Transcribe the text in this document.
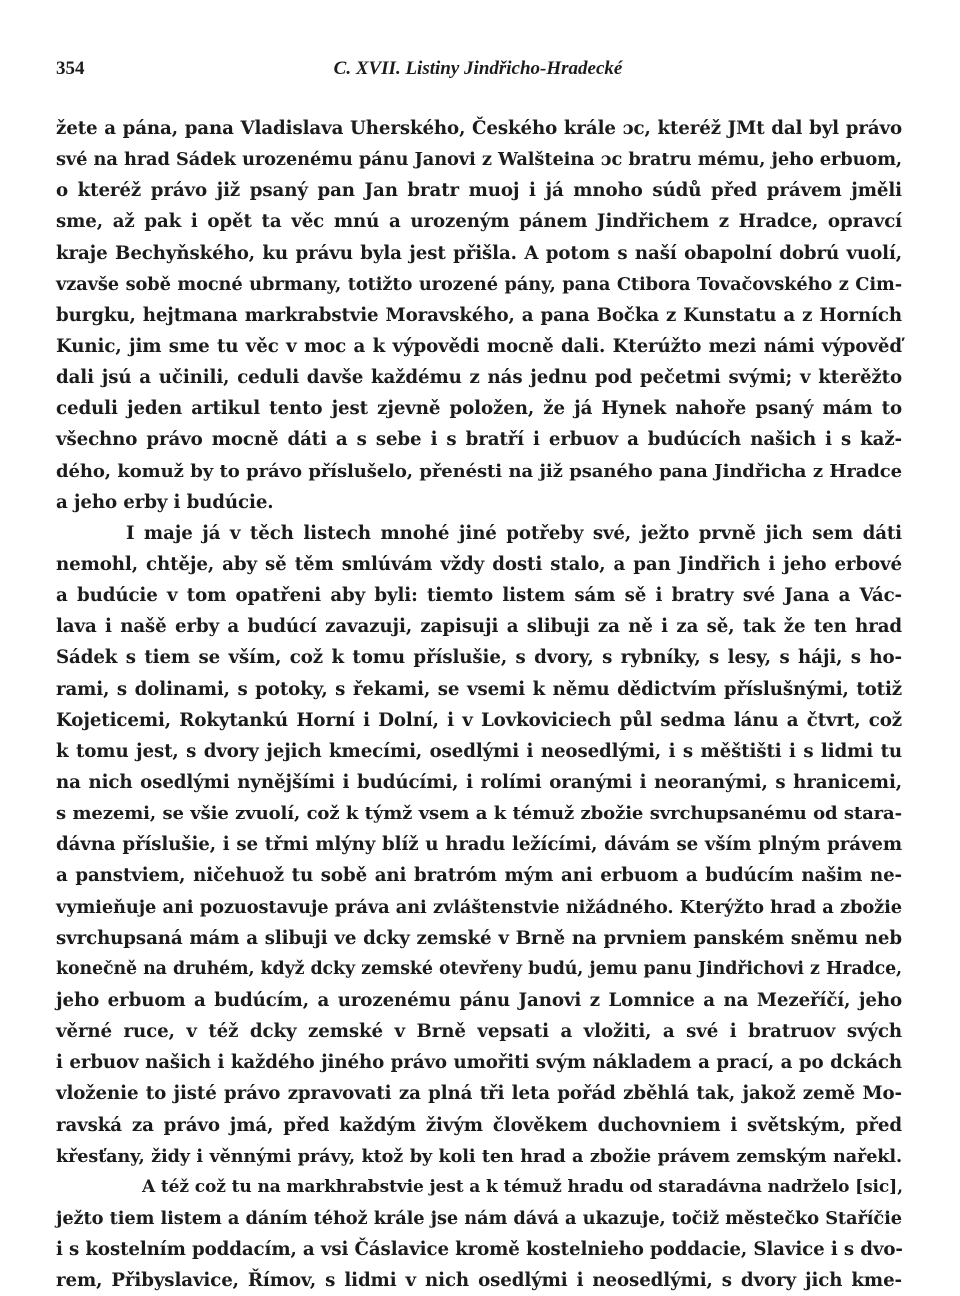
354	C. XVII. Listiny Jindřicho-Hradecké
žete a pána, pana Vladislava Uherského, Českého krále ɔc, kteréž JMt dal byl právo
své na hrad Sádek urozenému pánu Janovi z Walšteina ɔc bratru mému, jeho erbuom,
o kteréž právo již psaný pan Jan bratr muoj i já mnoho súdů před právem jměli
sme, až pak i opět ta věc mnú a urozeným pánem Jindřichem z Hradce, opravcí
kraje Bechyňského, ku právu byla jest přišla. A potom s naší obapolní dobrú vuolí,
vzavše sobě mocné ubrmany, totižto urozené pány, pana Ctibora Tovačovského z Cim-
burgku, hejtmana markrabstvie Moravského, a pana Bočka z Kunstatu a z Horních
Kunic, jim sme tu věc v moc a k výpovědi mocně dali. Kterúžto mezi námi výpověď
dali jsú a učinili, ceduli davše každému z nás jednu pod pečetmi svými; v kterěžto
ceduli jeden artikul tento jest zjevně položen, že já Hynek nahoře psaný mám to
všechno právo mocně dáti a s sebe i s bratří i erbuov a budúcích našich i s kaž-
dého, komuž by to právo příslušelo, přenésti na již psaného pana Jindřicha z Hradce
a jeho erby i budúcie.
I maje já v těch listech mnohé jiné potřeby své, ježto prvně jich sem dáti
nemohl, chtěje, aby sě těm smlúvám vždy dosti stalo, a pan Jindřich i jeho erbové
a budúcie v tom opatřeni aby byli: tiemto listem sám sě i bratry své Jana a Vác-
lava i našě erby a budúcí zavazuji, zapisuji a slibuji za ně i za sě, tak že ten hrad
Sádek s tiem se vším, což k tomu příslušie, s dvory, s rybníky, s lesy, s háji, s ho-
rami, s dolinami, s potoky, s řekami, se vsemi k němu dědictvím příslušnými, totiž
Kojeticemi, Rokytankú Horní i Dolní, i v Lovkoviciech půl sedma lánu a čtvrt, což
k tomu jest, s dvory jejich kmecími, osedlými i neosedlými, i s měštišti i s lidmi tu
na nich osedlými nynějšími i budúcími, i rolími oranými i neoranými, s hranicemi,
s mezemi, se všie zvuolí, což k týmž vsem a k témuž zbožie svrchupsanému od stara-
dávna příslušie, i se třmi mlýny blíž u hradu ležícími, dávám se vším plným právem
a panstviem, ničehuož tu sobě ani bratróm mým ani erbuom a budúcím našim ne-
vymieňuje ani pozuostavuje práva ani zvláštenstvie nižádného. Kterýžto hrad a zbožie
svrchupsaná mám a slibuji ve dcky zemské v Brně na prvniem panském sněmu neb
konečně na druhém, když dcky zemské otevřeny budú, jemu panu Jindřichovi z Hradce,
jeho erbuom a budúcím, a urozenému pánu Janovi z Lomnice a na Mezeříčí, jeho
věrné ruce, v též dcky zemské v Brně vepsati a vložiti, a své i bratruov svých
i erbuov našich i každého jiného právo umořiti svým nákladem a prací, a po dckách
vloženie to jisté právo zpravovati za plná tři leta pořád zběhlá tak, jakož země Mo-
ravská za právo jmá, před každým živým člověkem duchovniem i světským, před
křesťany, židy i věnnými právy, ktož by koli ten hrad a zbožie právem zemským nařekl.
A též což tu na markhrabstvie jest a k témuž hradu od staradávna nadrželo [sic],
ježto tiem listem a dáním téhož krále jse nám dává a ukazuje, točiž městečko Staříčie
i s kostelním poddacím, a vsi Čáslavice kromě kostelnieho poddacie, Slavice i s dvo-
rem, Přibyslavice, Římov, s lidmi v nich osedlými i neosedlými, s dvory jich kme-
